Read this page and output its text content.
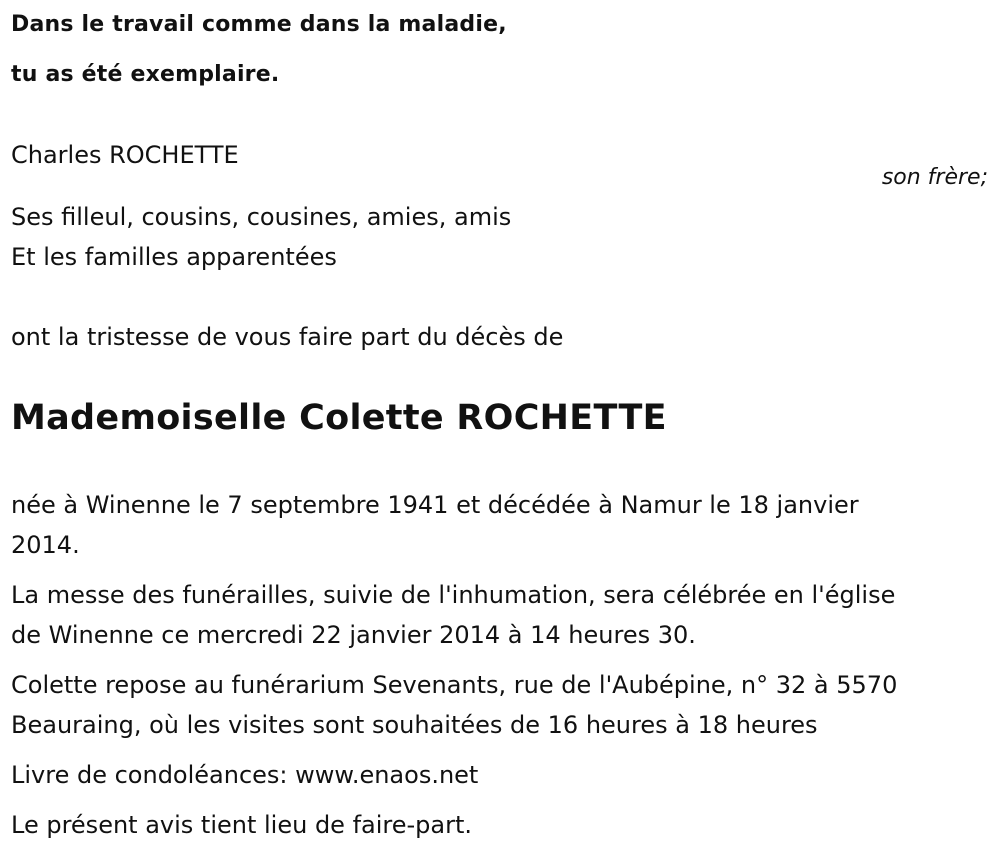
Dans le travail comme dans la maladie,
tu as été exemplaire.
Charles ROCHETTE
son frère;
Ses filleul, cousins, cousines, amies, amis
Et les familles apparentées
ont la tristesse de vous faire part du décès de
Mademoiselle Colette ROCHETTE
née à Winenne le 7 septembre 1941 et décédée à Namur le 18 janvier
2014.
La messe des funérailles, suivie de l'inhumation, sera célébrée en l'église
de Winenne ce mercredi 22 janvier 2014 à 14 heures 30.
Colette repose au funérarium Sevenants, rue de l'Aubépine, n° 32 à 5570
Beauraing, où les visites sont souhaitées de 16 heures à 18 heures
Livre de condoléances: www.enaos.net
Le présent avis tient lieu de faire-part.
